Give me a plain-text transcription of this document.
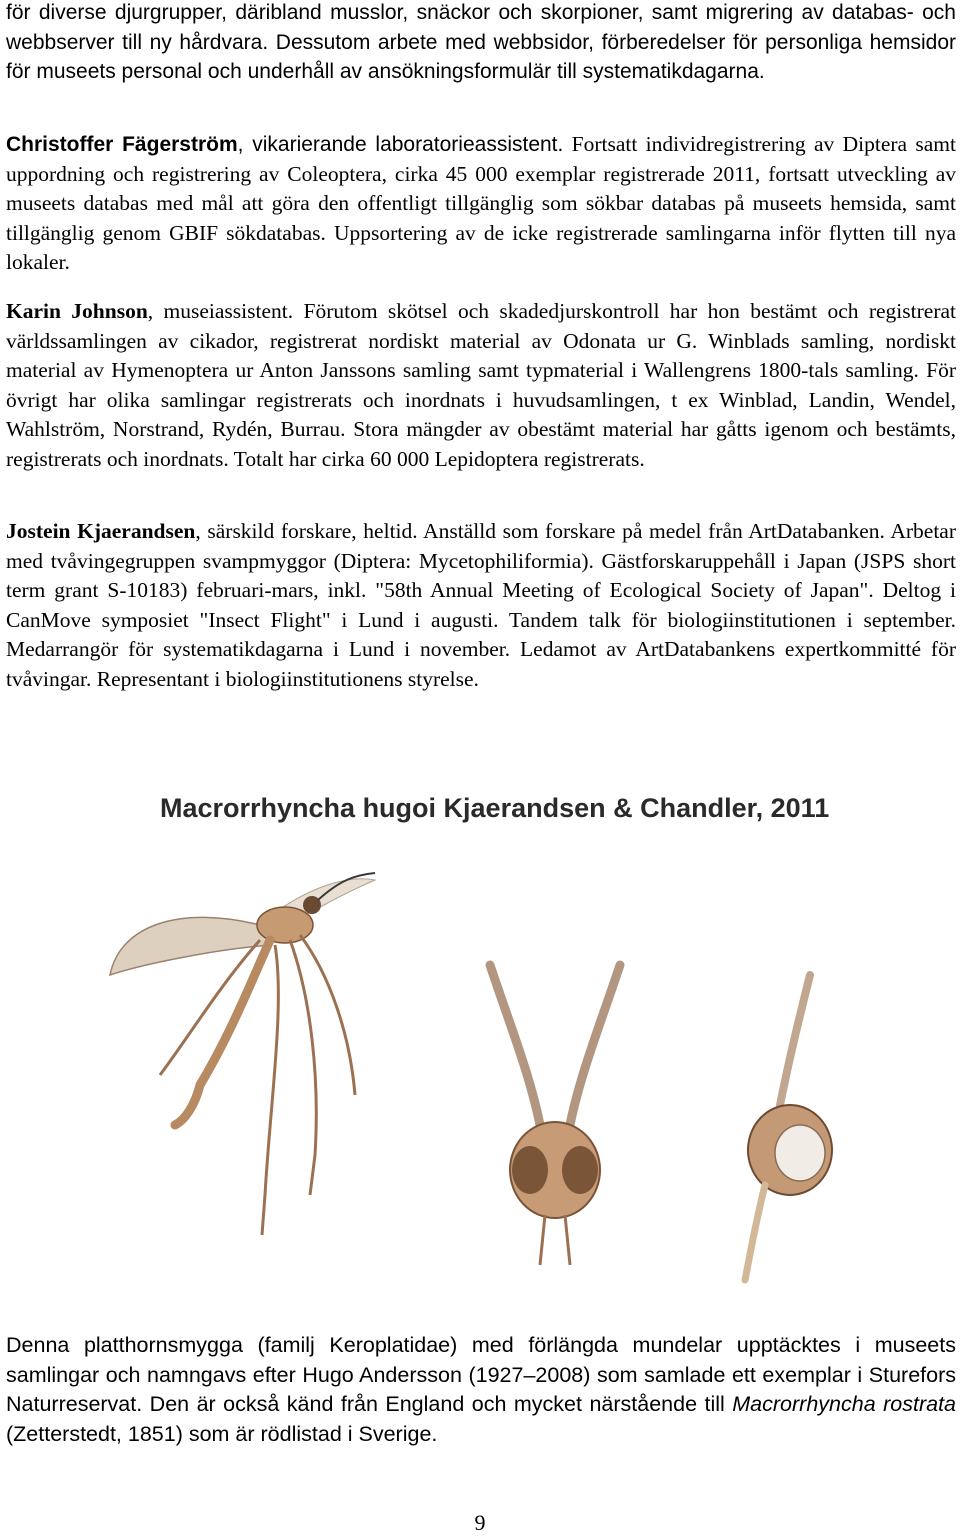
för diverse djurgrupper, däribland musslor, snäckor och skorpioner, samt migrering av databas- och webbserver till ny hårdvara. Dessutom arbete med webbsidor, förberedelser för personliga hemsidor för museets personal och underhåll av ansökningsformulär till systematikdagarna.

Christoffer Fägerström, vikarierande laboratorieassistent. Fortsatt individregistrering av Diptera samt uppordning och registrering av Coleoptera, cirka 45 000 exemplar registrerade 2011, fortsatt utveckling av museets databas med mål att göra den offentligt tillgänglig som sökbar databas på museets hemsida, samt tillgänglig genom GBIF sökdatabas. Uppsortering av de icke registrerade samlingarna inför flytten till nya lokaler.

Karin Johnson, museiassistent. Förutom skötsel och skadedjurskontroll har hon bestämt och registrerat världssamlingen av cikador, registrerat nordiskt material av Odonata ur G. Winblads samling, nordiskt material av Hymenoptera ur Anton Janssons samling samt typmaterial i Wallengrens 1800-tals samling. För övrigt har olika samlingar registrerats och inordnats i huvudsamlingen, t ex Winblad, Landin, Wendel, Wahlström, Norstrand, Rydén, Burrau. Stora mängder av obestämt material har gåtts igenom och bestämts, registrerats och inordnats. Totalt har cirka 60 000 Lepidoptera registrerats.

Jostein Kjaerandsen, särskild forskare, heltid. Anställd som forskare på medel från ArtDatabanken. Arbetar med tvåvingegruppen svampmyggor (Diptera: Mycetophiliformia). Gästforskaruppehåll i Japan (JSPS short term grant S-10183) februari-mars, inkl. "58th Annual Meeting of Ecological Society of Japan". Deltog i CanMove symposiet "Insect Flight" i Lund i augusti. Tandem talk för biologiinstitutionen i september. Medarrangör för systematikdagarna i Lund i november. Ledamot av ArtDatabankens expertkommitté för tvåvingar. Representant i biologiinstitutionens styrelse.

Macrorrhyncha hugoi Kjaerandsen & Chandler, 2011

Denna platthornsmygga (familj Keroplatidae) med förlängda mundelar upptäcktes i museets samlingar och namngavs efter Hugo Andersson (1927–2008) som samlade ett exemplar i Sturefors Naturreservat. Den är också känd från England och mycket närstående till Macrorrhyncha rostrata (Zetterstedt, 1851) som är rödlistad i Sverige.

9
